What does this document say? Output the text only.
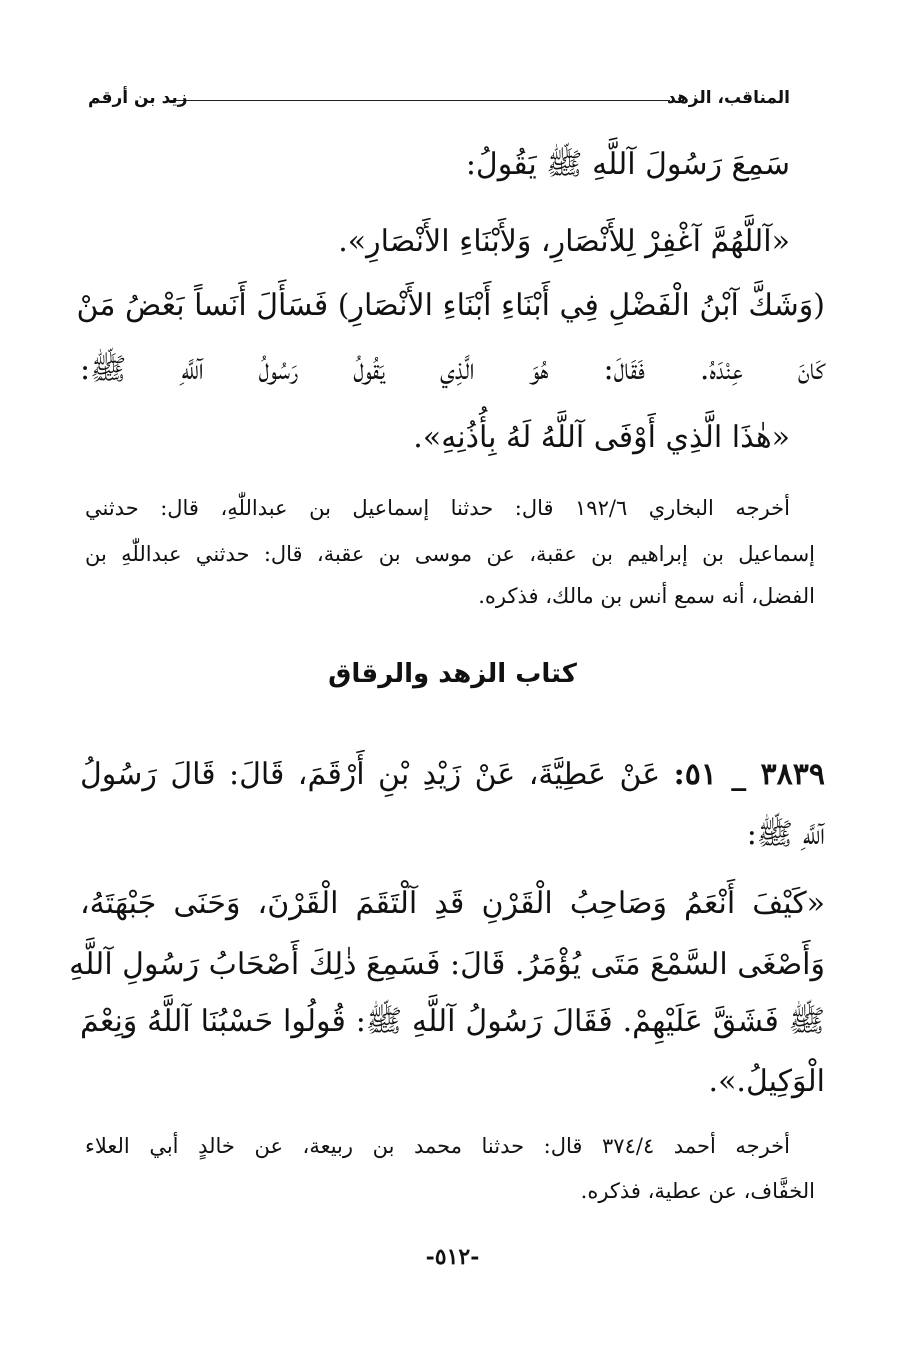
المناقب، الزهد
زيد بن أرقم
سَمِعَ رَسُولَ آللَّهِ ﷺ يَقُولُ:
«آللَّهُمَّ آغْفِرْ لِلأَنْصَارِ، وَلأَبْنَاءِ الأَنْصَارِ».
(وَشَكَّ آبْنُ الْفَضْلِ فِي أَبْنَاءِ أَبْنَاءِ الأَنْصَارِ) فَسَأَلَ أَنَساً بَعْضُ مَنْ
كَانَ عِنْدَهُ. فَقَالَ: هُوَ الَّذِي يَقُولُ رَسُولُ آللَّهِ ﷺ:
«هٰذَا الَّذِي أَوْفَى آللَّهُ لَهُ بِأُذُنِهِ».
أخرجه البخاري ١٩٢/٦ قال: حدثنا إسماعيل بن عبداللّٰهِ، قال: حدثني
إسماعيل بن إبراهيم بن عقبة، عن موسى بن عقبة، قال: حدثني عبداللّٰهِ بن
الفضل، أنه سمع أنس بن مالك، فذكره.
كتاب الزهد والرقاق
٣٨٣٩ _ ٥١: عَنْ عَطِيَّةَ، عَنْ زَيْدِ بْنِ أَرْقَمَ، قَالَ: قَالَ رَسُولُ
آللَّهِ ﷺ:
«كَيْفَ أَنْعَمُ وَصَاحِبُ الْقَرْنِ قَدِ آلْتَقَمَ الْقَرْنَ، وَحَنَى جَبْهَتَهُ،
وَأَصْغَى السَّمْعَ مَتَى يُؤْمَرُ. قَالَ: فَسَمِعَ ذٰلِكَ أَصْحَابُ رَسُولِ آللَّهِ
ﷺ فَشَقَّ عَلَيْهِمْ. فَقَالَ رَسُولُ آللَّهِ ﷺ: قُولُوا حَسْبُنَا آللَّهُ وَنِعْمَ
الْوَكِيلُ.».
أخرجه أحمد ٣٧٤/٤ قال: حدثنا محمد بن ربيعة، عن خالدٍ أبي العلاء
الخفَّاف، عن عطية، فذكره.
-٥١٢-
